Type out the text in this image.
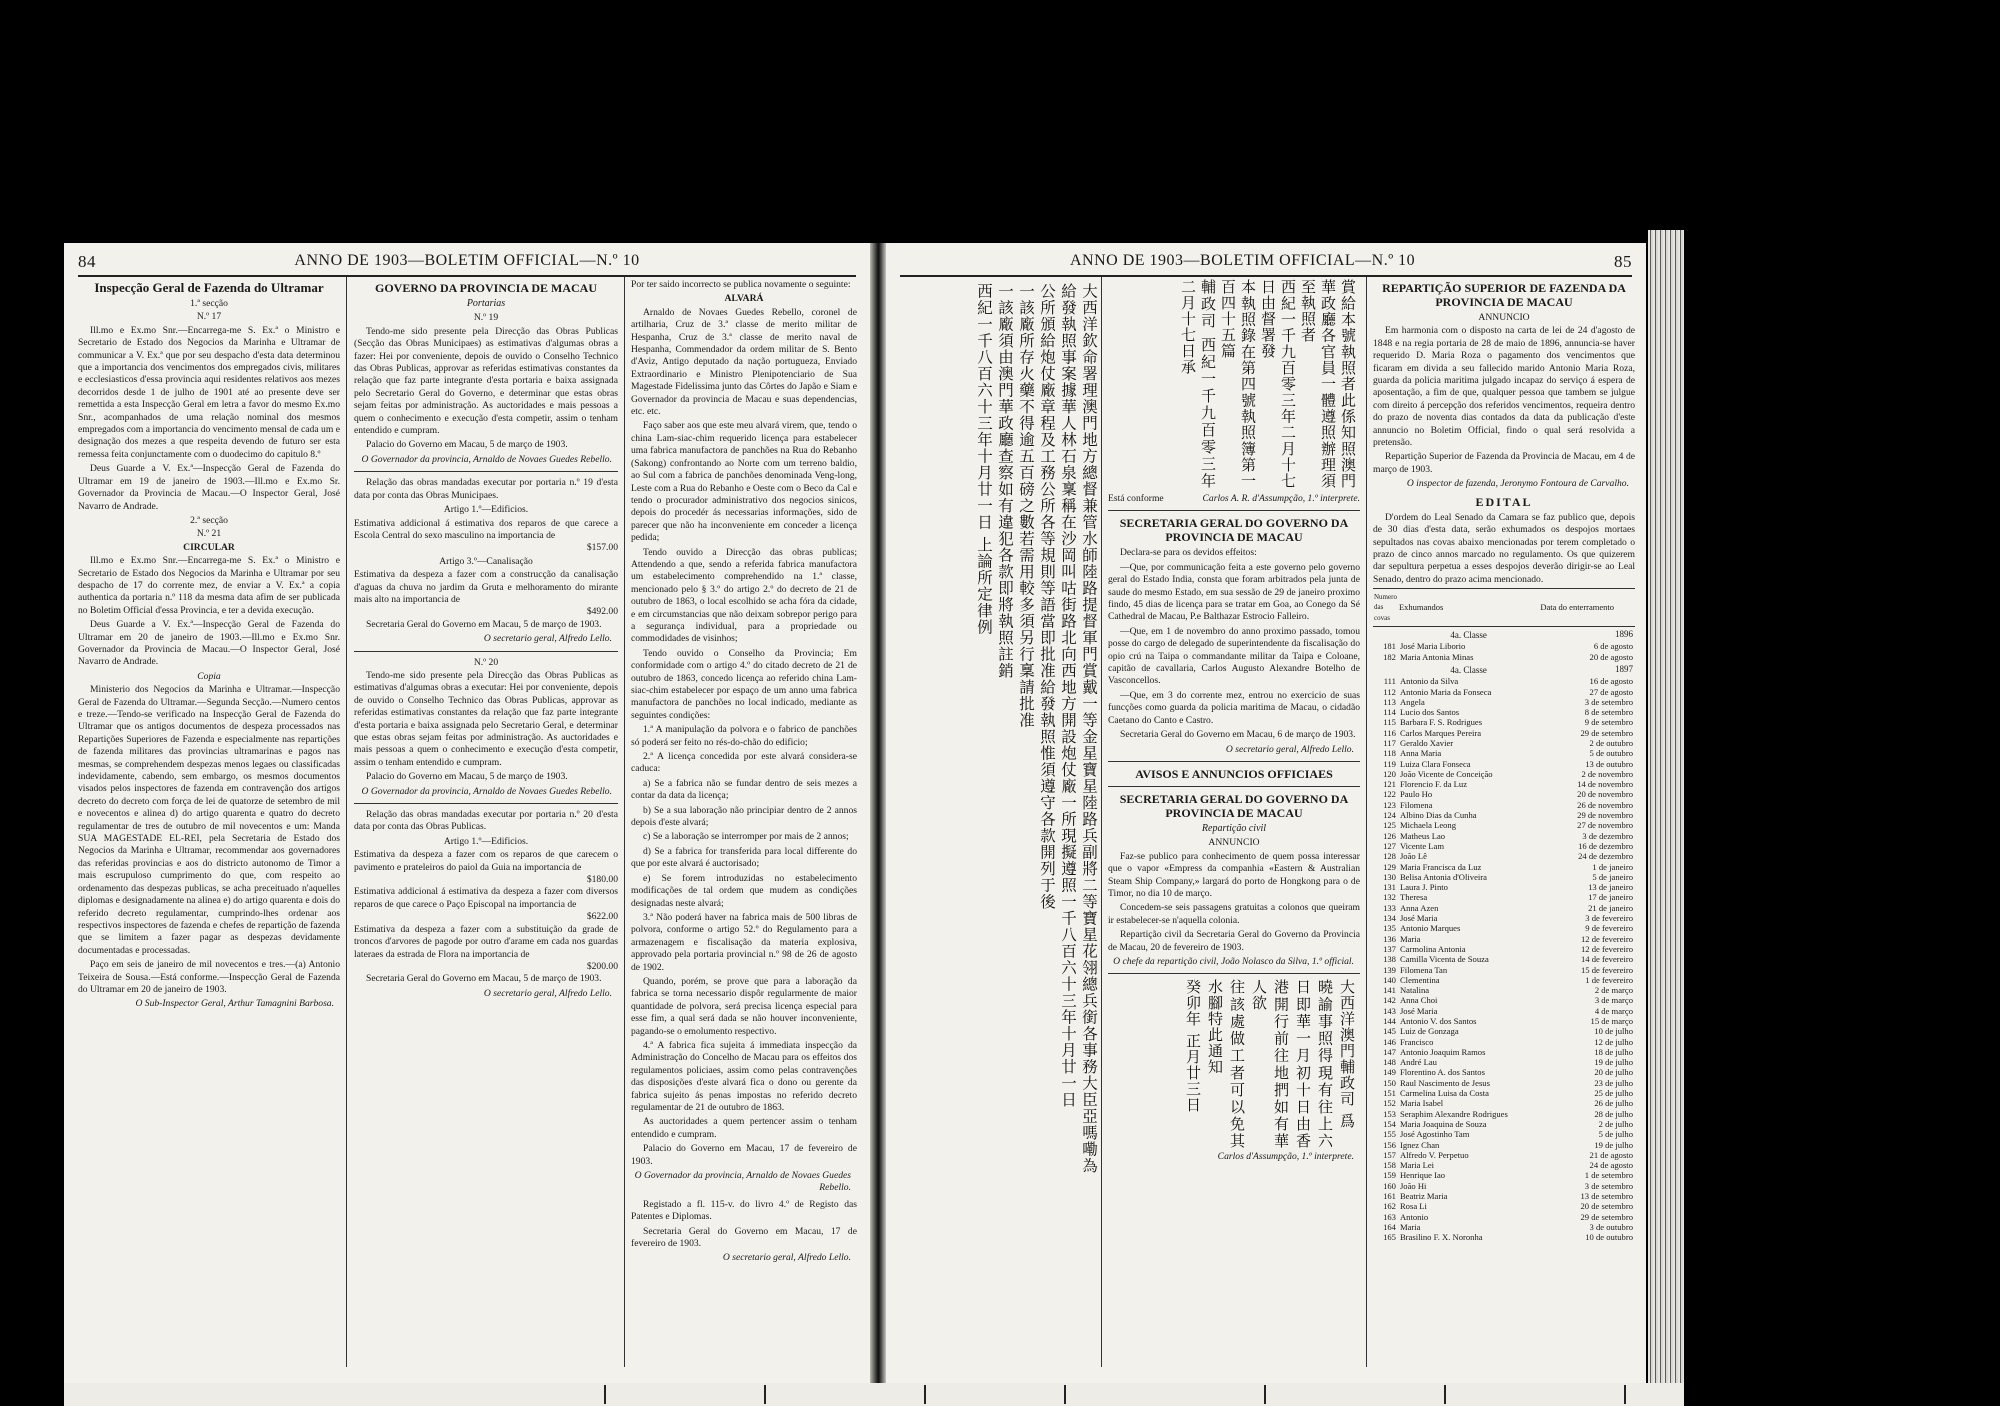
84	ANNO DE 1903—BOLETIM OFFICIAL—N.º 10
Inspecção Geral de Fazenda do Ultramar
1.ª secção
N.º 17

Ill.mo e Ex.mo Snr.—Encarrega-me S. Ex.ª o Ministro e Secretario de Estado dos Negocios da Marinha e Ultramar de communicar a V. Ex.ª que por seu despacho d'esta data determinou que a importancia dos vencimentos dos empregados civis, militares e ecclesiasticos d'essa provincia aqui residentes relativos aos mezes decorridos desde 1 de julho de 1901 até ao presente deve ser remettida a esta Inspecção Geral em letra a favor do mesmo Ex.mo Snr., acompanhados de uma relação nominal dos mesmos empregados com a importancia do vencimento mensal de cada um e designação dos mezes a que respeita devendo de futuro ser esta remessa feita conjunctamente com o duodecimo do capitulo 8.º

Deus Guarde a V. Ex.ª—Inspecção Geral de Fazenda do Ultramar em 19 de janeiro de 1903.—Ill.mo e Ex.mo Sr. Governador da Provincia de Macau.—O Inspector Geral, José Navarro de Andrade.

2.ª secção
N.º 21
CIRCULAR

Ill.mo e Ex.mo Snr.—Encarrega-me S. Ex.ª o Ministro e Secretario de Estado dos Negocios da Marinha e Ultramar por seu despacho de 17 do corrente mez, de enviar a V. Ex.ª a copia authentica da portaria n.º 118 da mesma data afim de ser publicada no Boletim Official d'essa Provincia, e ter a devida execução.

Deus Guarde a V. Ex.ª—Inspecção Geral de Fazenda do Ultramar em 20 de janeiro de 1903.—Ill.mo e Ex.mo Snr. Governador da Provincia de Macau.—O Inspector Geral, José Navarro de Andrade.

Copia

Ministerio dos Negocios da Marinha e Ultramar.—Inspecção Geral de Fazenda do Ultramar.—Segunda Secção.—Numero centos e treze.—Tendo-se verificado na Inspecção Geral de Fazenda do Ultramar que os antigos documentos de despeza processados nas Repartições Superiores de Fazenda e especialmente nas repartições de fazenda militares das provincias ultramarinas e pagos nas mesmas, se comprehendem despezas menos legaes ou classificadas indevidamente, cabendo, sem embargo, os mesmos documentos visados pelos inspectores de fazenda em contravenção dos artigos decreto do decreto com força de lei de quatorze de setembro de mil e novecentos e alinea d) do artigo quarenta e quatro do decreto regulamentar de tres de outubro de mil novecentos e um: Manda SUA MAGESTADE EL-REI, pela Secretaria de Estado dos Negocios da Marinha e Ultramar, recommendar aos governadores das referidas provincias e aos do districto autonomo de Timor a mais escrupuloso cumprimento do que, com respeito ao ordenamento das despezas publicas, se acha preceituado n'aquelles diplomas e designadamente na alinea e) do artigo quarenta e dois do referido decreto regulamentar, cumprindo-lhes ordenar aos respectivos inspectores de fazenda e chefes de repartição de fazenda que se limitem a fazer pagar as despezas devidamente documentadas e processadas.

Paço em seis de janeiro de mil novecentos e tres.—(a) Antonio Teixeira de Sousa.—Está conforme.—Inspecção Geral de Fazenda do Ultramar em 20 de janeiro de 1903.

O Sub-Inspector Geral, Arthur Tamagnini Barbosa.
GOVERNO DA PROVINCIA DE MACAU
Portarias
N.º 19

Tendo-me sido presente pela Direcção das Obras Publicas (Secção das Obras Municipaes) as estimativas d'algumas obras a fazer: Hei por conveniente, depois de ouvido o Conselho Technico das Obras Publicas, approvar as referidas estimativas constantes da relação que faz parte integrante d'esta portaria e baixa assignada pelo Secretario Geral do Governo, e determinar que estas obras sejam feitas por administração. As auctoridades e mais pessoas a quem o conhecimento e execução d'esta competir, assim o tenham entendido e cumpram.

Palacio do Governo em Macau, 5 de março de 1903.

O Governador da provincia, Arnaldo de Novaes Guedes Rebello.

Relação das obras mandadas executar por portaria n.º 19 d'esta data por conta das Obras Municipaes.

Artigo 1.º—Edificios.
Estimativa addicional á estimativa dos reparos de que carece a Escola Central do sexo masculino na importancia de
$157.00
Artigo 3.º—Canalisação
Estimativa da despeza a fazer com a construcção da canalisação d'aguas da chuva no jardim da Gruta e melhoramento do mirante mais alto na importancia de
$492.00

Secretaria Geral do Governo em Macau, 5 de março de 1903.

O secretario geral, Alfredo Lello.
N.º 20

Tendo-me sido presente pela Direcção das Obras Publicas as estimativas d'algumas obras a executar: Hei por conveniente, depois de ouvido o Conselho Technico das Obras Publicas, approvar as referidas estimativas constantes da relação que faz parte integrante d'esta portaria e baixa assignada pelo Secretario Geral, e determinar que estas obras sejam feitas por administração. As auctoridades e mais pessoas a quem o conhecimento e execução d'esta competir, assim o tenham entendido e cumpram.

Palacio do Governo em Macau, 5 de março de 1903.

O Governador da provincia, Arnaldo de Novaes Guedes Rebello.

Relação das obras mandadas executar por portaria n.º 20 d'esta data por conta das Obras Publicas.

Artigo 1.º—Edificios.
Estimativa da despeza a fazer com os reparos de que carecem o pavimento e prateleiros do paiol da Guia na importancia de
$180.00
Estimativa addicional á estimativa da despeza a fazer com diversos reparos de que carece o Paço Episcopal na importancia de
$622.00
Estimativa da despeza a fazer com a substituição da grade de troncos d'arvores de pagode por outro d'arame em cada nos guardas lateraes da estrada de Flora na importancia de
$200.00

Secretaria Geral do Governo em Macau, 5 de março de 1903.

O secretario geral, Alfredo Lello.

Por ter saido incorrecto se publica novamente o seguinte:

ALVARÁ

Arnaldo de Novaes Guedes Rebello, coronel de artilharia, Cruz de 3.ª classe de merito militar de Hespanha, Cruz de 3.ª classe de merito naval de Hespanha, Commendador da ordem militar de S. Bento d'Aviz, Antigo deputado da nação portugueza, Enviado Extraordinario e Ministro Plenipotenciario de Sua Magestade Fidelissima junto das Côrtes do Japão e Siam e Governador da provincia de Macau e suas dependencias, etc. etc.

Faço saber aos que este meu alvará virem, que, tendo o china Lam-siac-chim requerido licença para estabelecer uma fabrica manufactora de panchões na Rua do Rebanho (Sakong) confrontando ao Norte com um terreno baldio, ao Sul com a fabrica de panchões denominada Veng-long, Leste com a Rua do Rebanho e Oeste com o Beco da Cal e tendo o procurador administrativo dos negocios sinicos, depois do procedér ás necessarias informações, sido de parecer que não ha inconveniente em conceder a licença pedida;

Tendo ouvido a Direcção das obras publicas; Attendendo a que, sendo a referida fabrica manufactora um estabelecimento comprehendido na 1.ª classe, mencionado pelo § 3.º do artigo 2.º do decreto de 21 de outubro de 1863, o local escolhido se acha fóra da cidade, e em circumstancias que não deixam sobrepor perigo para a segurança individual, para a propriedade ou commodidades de visinhos;

Tendo ouvido o Conselho da Provincia; Em conformidade com o artigo 4.º do citado decreto de 21 de outubro de 1863, concedo licença ao referido china Lam-siac-chim estabelecer por espaço de um anno uma fabrica manufactora de panchões no local indicado, mediante as seguintes condições:

1.ª A manipulação da polvora e o fabrico de panchões só poderá ser feito no rés-do-chão do edificio;

2.ª A licença concedida por este alvará considera-se caduca:

a) Se a fabrica não se fundar dentro de seis mezes a contar da data da licença;

b) Se a sua laboração não principiar dentro de 2 annos depois d'este alvará;

c) Se a laboração se interromper por mais de 2 annos;

d) Se a fabrica for transferida para local differente do que por este alvará é auctorisado;

e) Se forem introduzidas no estabelecimento modificações de tal ordem que mudem as condições designadas neste alvará;

3.ª Não poderá haver na fabrica mais de 500 libras de polvora, conforme o artigo 52.º do Regulamento para a armazenagem e fiscalisação da materia explosiva, approvado pela portaria provincial n.º 98 de 26 de agosto de 1902.

Quando, porém, se prove que para a laboração da fabrica se torna necessario dispôr regularmente de maior quantidade de polvora, será precisa licença especial para esse fim, a qual será dada se não houver inconveniente, pagando-se o emolumento respectivo.

4.ª A fabrica fica sujeita á immediata inspecção da Administração do Concelho de Macau para os effeitos dos regulamentos policiaes, assim como pelas contravenções das disposições d'este alvará fica o dono ou gerente da fabrica sujeito ás penas impostas no referido decreto regulamentar de 21 de outubro de 1863.

As auctoridades a quem pertencer assim o tenham entendido e cumpram.

Palacio do Governo em Macau, 17 de fevereiro de 1903.

O Governador da provincia, Arnaldo de Novaes Guedes Rebello.

Registado a fl. 115-v. do livro 4.º de Registo das Patentes e Diplomas.

Secretaria Geral do Governo em Macau, 17 de fevereiro de 1903.

O secretario geral, Alfredo Lello.
ANNO DE 1903—BOLETIM OFFICIAL—N.º 10	85
大西洋欽命署理澳門地方總督兼管水師陸路提督軍門賞戴一等金星寶星陸路兵副將二等寶星花翎總兵銜各事務大臣亞嗎嘞為
給發執照事案據華人林石泉稟稱在沙岡叫咕街路北向西地方開設炮仗廠一所現擬遵照一千八百六十三年十月廿一日
公所頒給炮仗廠章程及工務公所各等規則等語當即批准給發執照惟須遵守各款開列于後
一該廠所存火藥不得逾五百磅之數若需用較多須另行稟請批准
一該廠須由澳門華政廳查察如有違犯各款即將執照註銷
西紀一千八百六十三年十月廿一日 上論所定律例	賞給本號執照者此係知照澳門華政廳各官員一體遵照辦理須至執照者
西紀一千九百零三年二月十七日由督署發
本執照錄在第四號執照簿第一百四十五篇
輔政司 西紀一千九百零三年二月十七日承
Está conforme	Carlos A. R. d'Assumpção, 1.º interprete.
SECRETARIA GERAL DO GOVERNO DA PROVINCIA DE MACAU

Declara-se para os devidos effeitos:

—Que, por communicação feita a este governo pelo governo geral do Estado India, consta que foram arbitrados pela junta de saude do mesmo Estado, em sua sessão de 29 de janeiro proximo findo, 45 dias de licença para se tratar em Goa, ao Conego da Sé Cathedral de Macau, P.e Balthazar Estrocio Falleiro.

—Que, em 1 de novembro do anno proximo passado, tomou posse do cargo de delegado de superintendente da fiscalisação do opio crú na Taipa o commandante militar da Taipa e Coloane, capitão de cavallaria, Carlos Augusto Alexandre Botelho de Vasconcellos.

—Que, em 3 do corrente mez, entrou no exercicio de suas funcções como guarda da policia maritima de Macau, o cidadão Caetano do Canto e Castro.

Secretaria Geral do Governo em Macau, 6 de março de 1903.

O secretario geral, Alfredo Lello.
AVISOS E ANNUNCIOS OFFICIAES
SECRETARIA GERAL DO GOVERNO DA PROVINCIA DE MACAU
Repartição civil
ANNUNCIO

Faz-se publico para conhecimento de quem possa interessar que o vapor «Empress da companhia «Eastern & Australian Steam Ship Company,» largará do porto de Hongkong para o de Timor, no dia 10 de março.

Concedem-se seis passagens gratuitas a colonos que queiram ir estabelecer-se n'aquella colonia.

Repartição civil da Secretaria Geral do Governo da Provincia de Macau, 20 de fevereiro de 1903.

O chefe da repartição civil, João Nolasco da Silva, 1.º official.
大西洋澳門輔政司 爲
曉諭事照得現有往上六日即華一月初十日由香港開行前往地捫如有華人欲
往該處做工者可以免其水腳特此通知
癸卯年 正月廿三日
Carlos d'Assumpção, 1.º interprete.
REPARTIÇÃO SUPERIOR DE FAZENDA DA PROVINCIA DE MACAU
ANNUNCIO

Em harmonia com o disposto na carta de lei de 24 d'agosto de 1848 e na regia portaria de 28 de maio de 1896, annuncia-se haver requerido D. Maria Roza o pagamento dos vencimentos que ficaram em divida a seu fallecido marido Antonio Maria Roza, guarda da policia maritima julgado incapaz do serviço á espera de aposentação, a fim de que, qualquer pessoa que tambem se julgue com direito á percepção dos referidos vencimentos, requeira dentro do prazo de noventa dias contados da data da publicação d'este annuncio no Boletim Official, findo o qual será resolvida a pretensão.

Repartição Superior de Fazenda da Provincia de Macau, em 4 de março de 1903.

O inspector de fazenda, Jeronymo Fontoura de Carvalho.
EDITAL

D'ordem do Leal Senado da Camara se faz publico que, depois de 30 dias d'esta data, serão exhumados os despojos mortaes sepultados nas covas abaixo mencionadas por terem completado o prazo de cinco annos marcado no regulamento. Os que quizerem dar sepultura perpetua a esses despojos deverão dirigir-se ao Leal Senado, dentro do prazo acima mencionado.

Numero das covas	Exhumandos	Data do enterramento
	4a. Classe	1896
181	José Maria Liborio	6 de agosto
182	Maria Antonia Minas	20 de agosto
	4a. Classe	1897
111	Antonio da Silva	16 de agosto
112	Antonio Maria da Fonseca	27 de agosto
113	Angela	3 de setembro
114	Lucio dos Santos	8 de setembro
115	Barbara F. S. Rodrigues	9 de setembro
116	Carlos Marques Pereira	29 de setembro
117	Geraldo Xavier	2 de outubro
118	Anna Maria	5 de outubro
119	Luiza Clara Fonseca	13 de outubro
120	João Vicente de Conceição	2 de novembro
121	Florencio F. da Luz	14 de novembro
122	Paulo Ho	20 de novembro
123	Filomena	26 de novembro
124	Albino Dias da Cunha	29 de novembro
125	Michaela Leong	27 de novembro
126	Matheus Lao	3 de dezembro
127	Vicente Lam	16 de dezembro
128	João Lê	24 de dezembro
129	Maria Francisca da Luz	1 de janeiro
130	Belisa Antonia d'Oliveira	5 de janeiro
131	Laura J. Pinto	13 de janeiro
132	Theresa	17 de janeiro
133	Anna Azen	21 de janeiro
134	José Maria	3 de fevereiro
135	Antonio Marques	9 de fevereiro
136	Maria	12 de fevereiro
137	Carmolina Antonia	12 de fevereiro
138	Camilla Vicenta de Souza	14 de fevereiro
139	Filomena Tan	15 de fevereiro
140	Clementina	1 de fevereiro
141	Natalina	2 de março
142	Anna Choi	3 de março
143	José Maria	4 de março
144	Antonio V. dos Santos	15 de março
145	Luiz de Gonzaga	10 de julho
146	Francisco	12 de julho
147	Antonio Joaquim Ramos	18 de julho
148	André Lau	19 de julho
149	Florentino A. dos Santos	20 de julho
150	Raul Nascimento de Jesus	23 de julho
151	Carmelina Luisa da Costa	25 de julho
152	Maria Isabel	26 de julho
153	Seraphim Alexandre Rodrigues	28 de julho
154	Maria Joaquina de Souza	2 de julho
155	José Agostinho Tam	5 de julho
156	Ignez Chan	19 de julho
157	Alfredo V. Perpetuo	21 de agosto
158	Maria Lei	24 de agosto
159	Henrique Iao	1 de setembro
160	João Hi	3 de setembro
161	Beatriz Maria	13 de setembro
162	Rosa Li	20 de setembro
163	Antonio	29 de setembro
164	Maria	3 de outubro
165	Brasilino F. X. Noronha	10 de outubro
